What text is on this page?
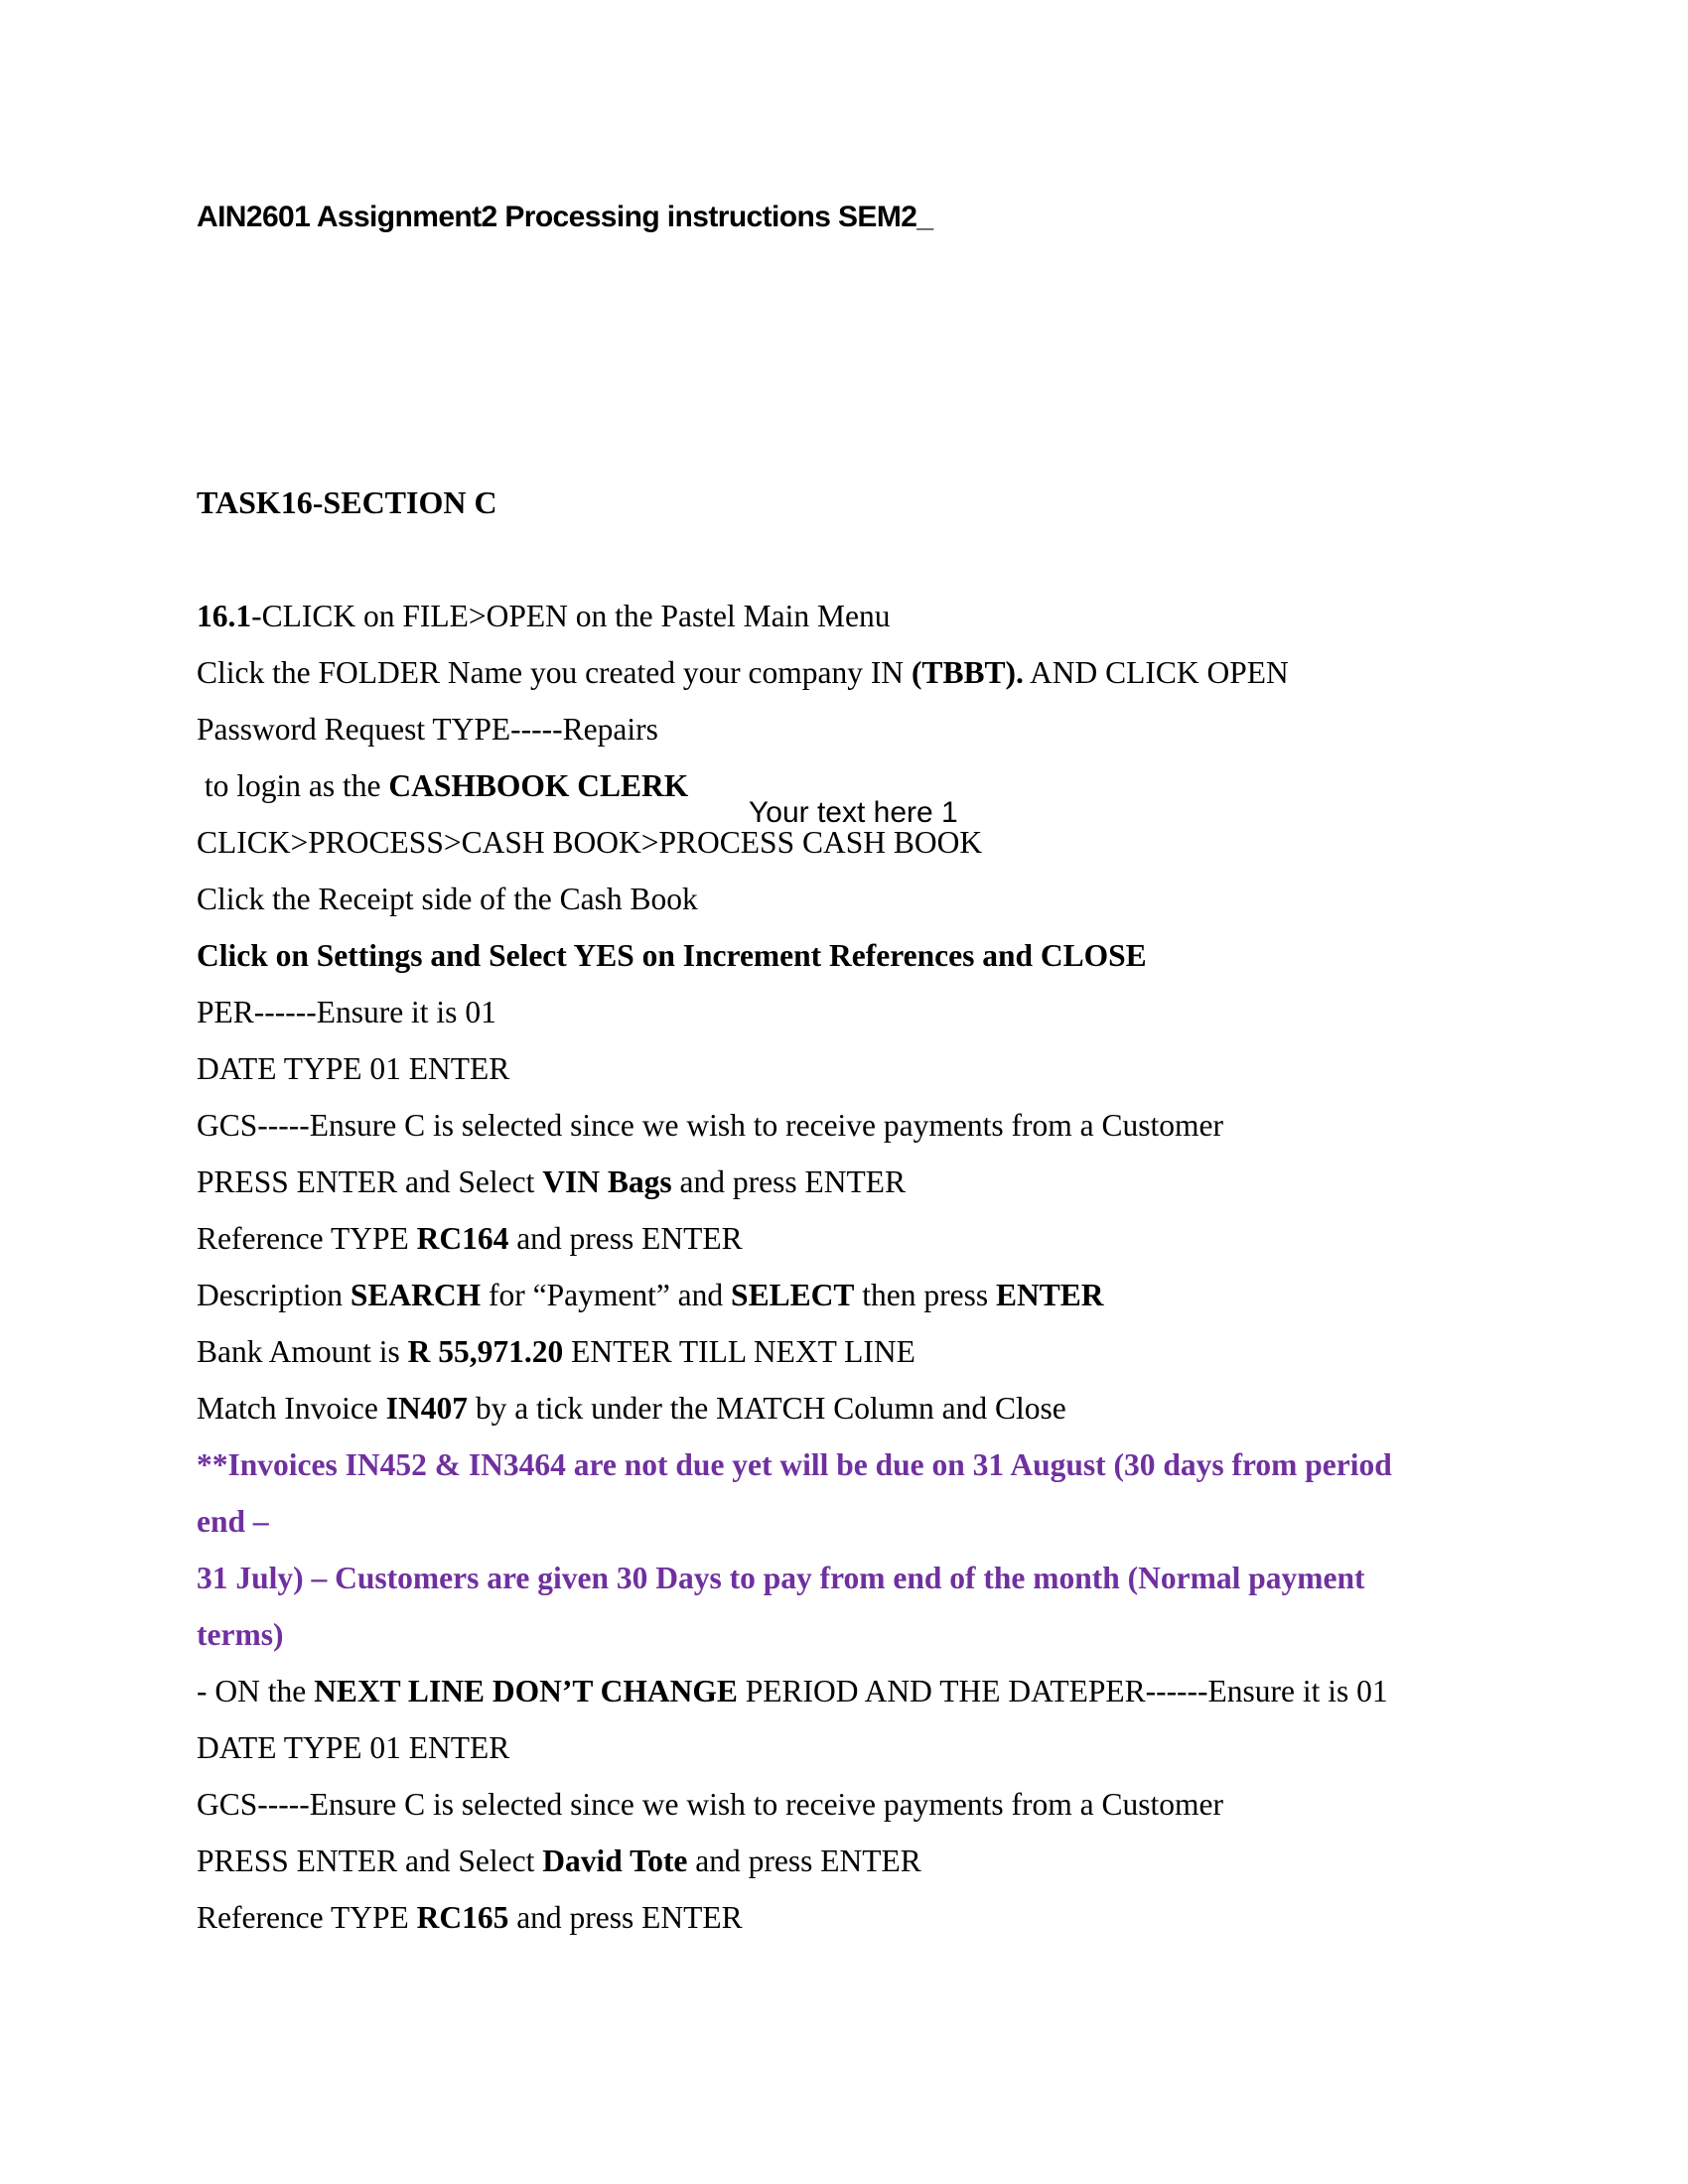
AIN2601 Assignment2 Processing instructions SEM2_
TASK16-SECTION C
16.1-CLICK on FILE>OPEN on the Pastel Main Menu
Click the FOLDER Name you created your company IN (TBBT). AND CLICK OPEN
Password Request TYPE-----Repairs
to login as the CASHBOOK CLERK
CLICK>PROCESS>CASH BOOK>PROCESS CASH BOOK
Click the Receipt side of the Cash Book
Click on Settings and Select YES on Increment References and CLOSE
PER------Ensure it is 01
DATE TYPE 01 ENTER
GCS-----Ensure C is selected since we wish to receive payments from a Customer
PRESS ENTER and Select VIN Bags and press ENTER
Reference TYPE RC164 and press ENTER
Description SEARCH for “Payment” and SELECT then press ENTER
Bank Amount is R 55,971.20 ENTER TILL NEXT LINE
Match Invoice IN407 by a tick under the MATCH Column and Close
**Invoices IN452 & IN3464 are not due yet will be due on 31 August (30 days from period
end –
31 July) – Customers are given 30 Days to pay from end of the month (Normal payment
terms)
- ON the NEXT LINE DON’T CHANGE PERIOD AND THE DATEPER------Ensure it is 01
DATE TYPE 01 ENTER
GCS-----Ensure C is selected since we wish to receive payments from a Customer
PRESS ENTER and Select David Tote and press ENTER
Reference TYPE RC165 and press ENTER
Your text here 1
